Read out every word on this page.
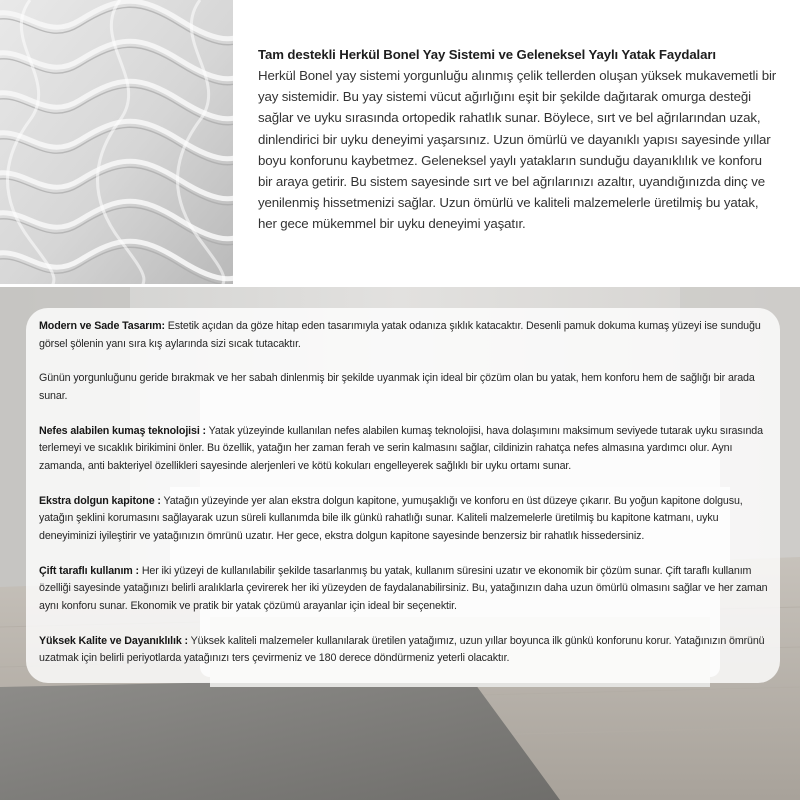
Tam destekli Herkül Bonel Yay Sistemi ve Geleneksel Yaylı Yatak Faydaları
Herkül Bonel yay sistemi yorgunluğu alınmış çelik tellerden oluşan yüksek mukavemetli bir yay sistemidir. Bu yay sistemi vücut ağırlığını eşit bir şekilde dağıtarak omurga desteği sağlar ve uyku sırasında ortopedik rahatlık sunar. Böylece, sırt ve bel ağrılarından uzak, dinlendirici bir uyku deneyimi yaşarsınız. Uzun ömürlü ve dayanıklı yapısı sayesinde yıllar boyu konforunu kaybetmez. Geleneksel yaylı yatakların sunduğu dayanıklılık ve konforu bir araya getirir. Bu sistem sayesinde sırt ve bel ağrılarınızı azaltır, uyandığınızda dinç ve yenilenmiş hissetmenizi sağlar. Uzun ömürlü ve kaliteli malzemelerle üretilmiş bu yatak, her gece mükemmel bir uyku deneyimi yaşatır.

Modern ve Sade Tasarım: Estetik açıdan da göze hitap eden tasarımıyla yatak odanıza şıklık katacaktır. Desenli pamuk dokuma kumaş yüzeyi ise sunduğu görsel şölenin yanı sıra kış aylarında sizi sıcak tutacaktır.

Günün yorgunluğunu geride bırakmak ve her sabah dinlenmiş bir şekilde uyanmak için ideal bir çözüm olan bu yatak, hem konforu hem de sağlığı bir arada sunar.

Nefes alabilen kumaş teknolojisi : Yatak yüzeyinde kullanılan nefes alabilen kumaş teknolojisi, hava dolaşımını maksimum seviyede tutarak uyku sırasında terlemeyi ve sıcaklık birikimini önler. Bu özellik, yatağın her zaman ferah ve serin kalmasını sağlar, cildinizin rahatça nefes almasına yardımcı olur. Aynı zamanda, anti bakteriyel özellikleri sayesinde alerjenleri ve kötü kokuları engelleyerek sağlıklı bir uyku ortamı sunar.

Ekstra dolgun kapitone : Yatağın yüzeyinde yer alan ekstra dolgun kapitone, yumuşaklığı ve konforu en üst düzeye çıkarır. Bu yoğun kapitone dolgusu, yatağın şeklini korumasını sağlayarak uzun süreli kullanımda bile ilk günkü rahatlığı sunar. Kaliteli malzemelerle üretilmiş bu kapitone katmanı, uyku deneyiminizi iyileştirir ve yatağınızın ömrünü uzatır. Her gece, ekstra dolgun kapitone sayesinde benzersiz bir rahatlık hissedersiniz.

Çift taraflı kullanım : Her iki yüzeyi de kullanılabilir şekilde tasarlanmış bu yatak, kullanım süresini uzatır ve ekonomik bir çözüm sunar. Çift taraflı kullanım özelliği sayesinde yatağınızı belirli aralıklarla çevirerek her iki yüzeyden de faydalanabilirsiniz. Bu, yatağınızın daha uzun ömürlü olmasını sağlar ve her zaman aynı konforu sunar. Ekonomik ve pratik bir yatak çözümü arayanlar için ideal bir seçenektir.

Yüksek Kalite ve Dayanıklılık : Yüksek kaliteli malzemeler kullanılarak üretilen yatağımız, uzun yıllar boyunca ilk günkü konforunu korur. Yatağınızın ömrünü uzatmak için belirli periyotlarda yatağınızı ters çevirmeniz ve 180 derece döndürmeniz yeterli olacaktır.
